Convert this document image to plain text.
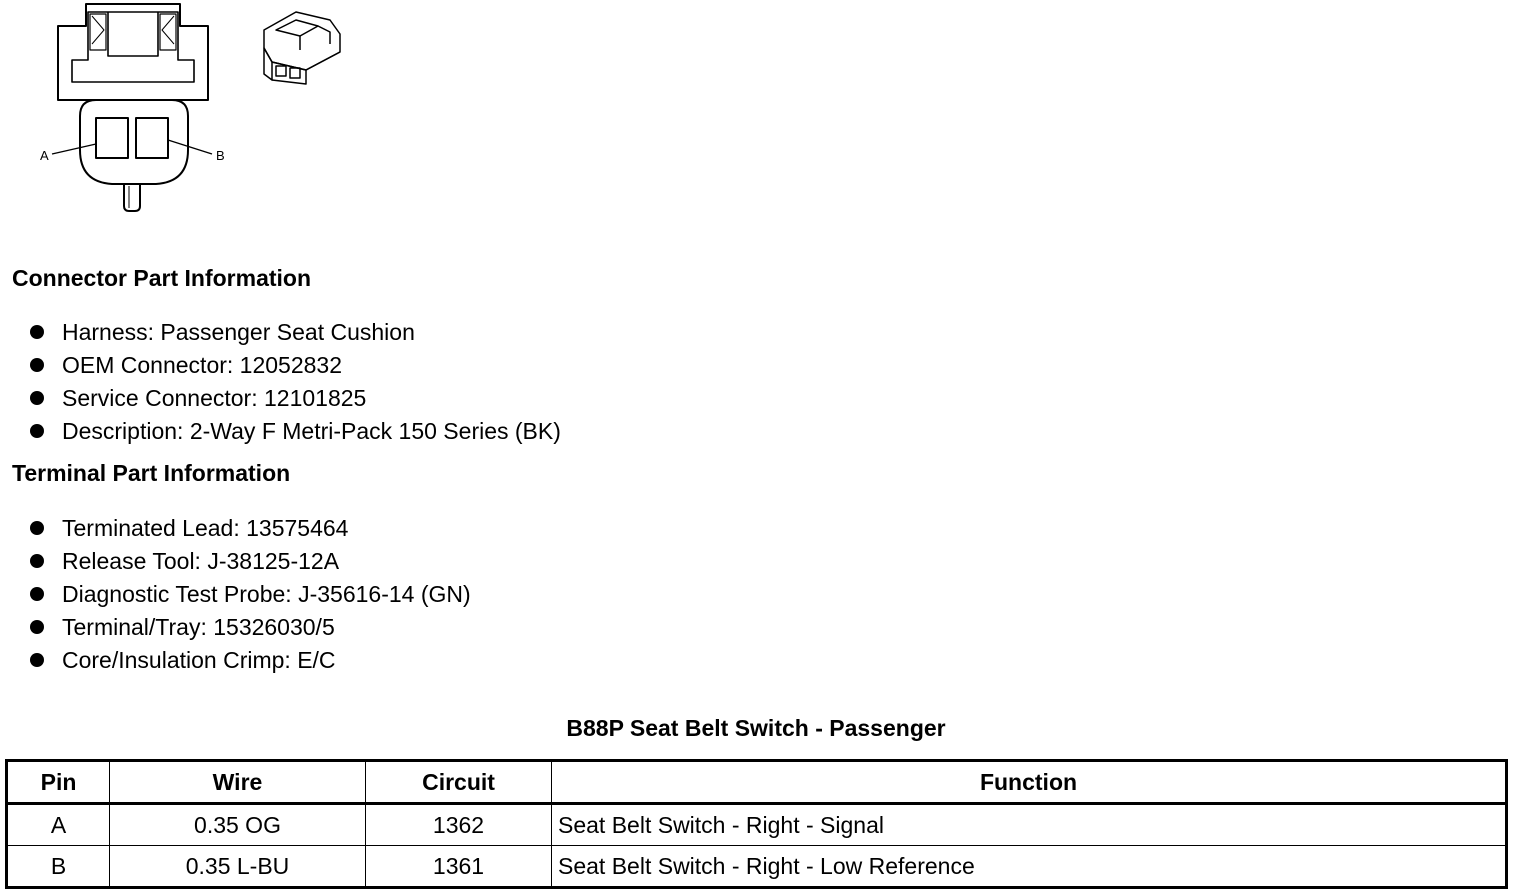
A	B
Connector Part Information
Harness: Passenger Seat Cushion
OEM Connector: 12052832
Service Connector: 12101825
Description: 2-Way F Metri-Pack 150 Series (BK)
Terminal Part Information
Terminated Lead: 13575464
Release Tool: J-38125-12A
Diagnostic Test Probe: J-35616-14 (GN)
Terminal/Tray: 15326030/5
Core/Insulation Crimp: E/C
B88P Seat Belt Switch - Passenger
Pin	Wire	Circuit	Function
A	0.35 OG	1362	Seat Belt Switch - Right - Signal
B	0.35 L-BU	1361	Seat Belt Switch - Right - Low Reference
